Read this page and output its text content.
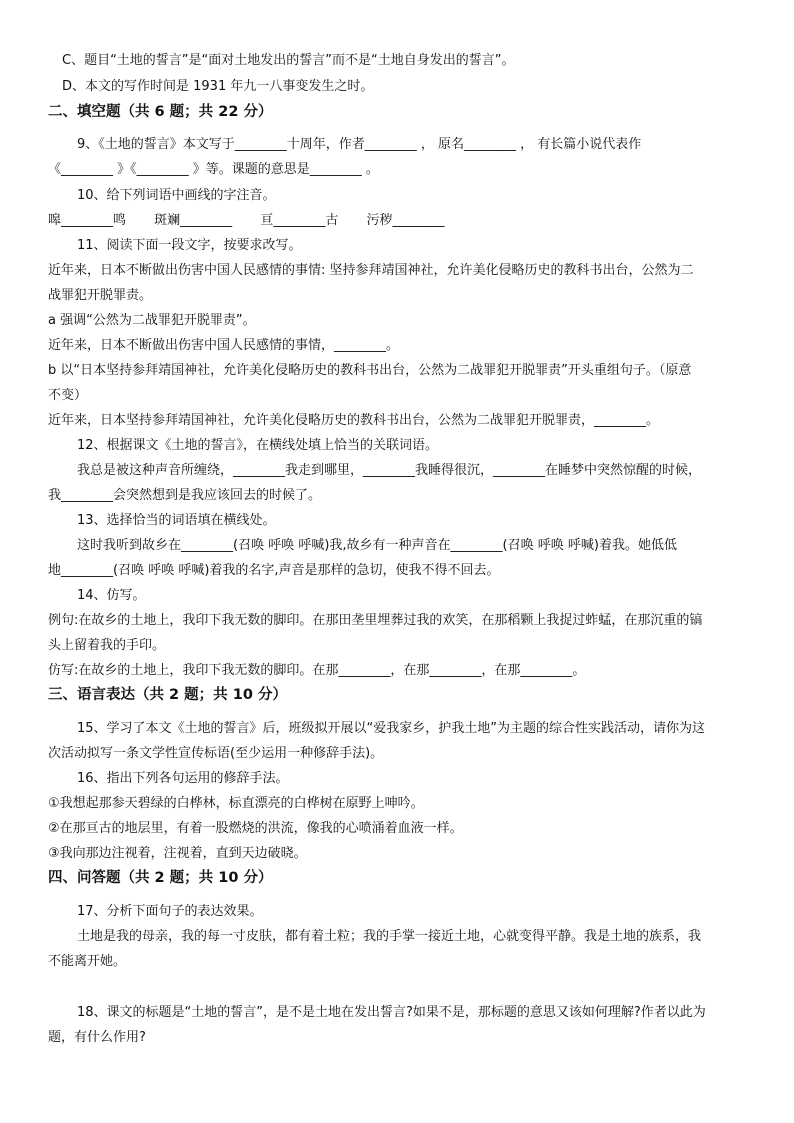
C、题目“土地的誓言”是“面对土地发出的誓言”而不是“土地自身发出的誓言”。
D、本文的写作时间是 1931 年九一八事变发生之时。
二、填空题（共 6 题；共 22 分）
9、《土地的誓言》本文写于________十周年，作者________ ， 原名________ ， 有长篇小说代表作
《________ 》《________ 》等。课题的意思是________ 。
10、给下列词语中画线的字注音。
嗥________鸣 斑斓________ 亘________古 污秽________
11、阅读下面一段文字，按要求改写。
近年来，日本不断做出伤害中国人民感情的事情: 坚持参拜靖国神社，允许美化侵略历史的教科书出台，公然为二
战罪犯开脱罪责。
a 强调“公然为二战罪犯开脱罪责”。
近年来，日本不断做出伤害中国人民感情的事情，________。
b 以“日本坚持参拜靖国神社，允许美化侵略历史的教科书出台，公然为二战罪犯开脱罪责”开头重组句子。（原意
不变）
近年来，日本坚持参拜靖国神社，允许美化侵略历史的教科书出台，公然为二战罪犯开脱罪责，________。
12、根据课文《土地的誓言》，在横线处填上恰当的关联词语。
我总是被这种声音所缠绕，________我走到哪里，________我睡得很沉，________在睡梦中突然惊醒的时候，
我________会突然想到是我应该回去的时候了。
13、选择恰当的词语填在横线处。
这时我听到故乡在________(召唤 呼唤 呼喊)我,故乡有一种声音在________(召唤 呼唤 呼喊)着我。她低低
地________(召唤 呼唤 呼喊)着我的名字,声音是那样的急切，使我不得不回去。
14、仿写。
例句:在故乡的土地上，我印下我无数的脚印。在那田垄里埋葬过我的欢笑，在那稻颗上我捉过蚱蜢，在那沉重的镐
头上留着我的手印。
仿写:在故乡的土地上，我印下我无数的脚印。在那________，在那________，在那________。
三、语言表达（共 2 题；共 10 分）
15、学习了本文《土地的誓言》后，班级拟开展以“爱我家乡，护我土地”为主题的综合性实践活动，请你为这
次活动拟写一条文学性宣传标语(至少运用一种修辞手法)。
16、指出下列各句运用的修辞手法。
①我想起那参天碧绿的白桦林，标直漂亮的白桦树在原野上呻吟。
②在那亘古的地层里，有着一股燃烧的洪流，像我的心喷涌着血液一样。
③我向那边注视着，注视着，直到天边破晓。
四、问答题（共 2 题；共 10 分）
17、分析下面句子的表达效果。
土地是我的母亲，我的每一寸皮肤，都有着土粒；我的手掌一接近土地，心就变得平静。我是土地的族系，我
不能离开她。
18、课文的标题是“土地的誓言”，是不是土地在发出誓言?如果不是，那标题的意思又该如何理解?作者以此为
题，有什么作用?
